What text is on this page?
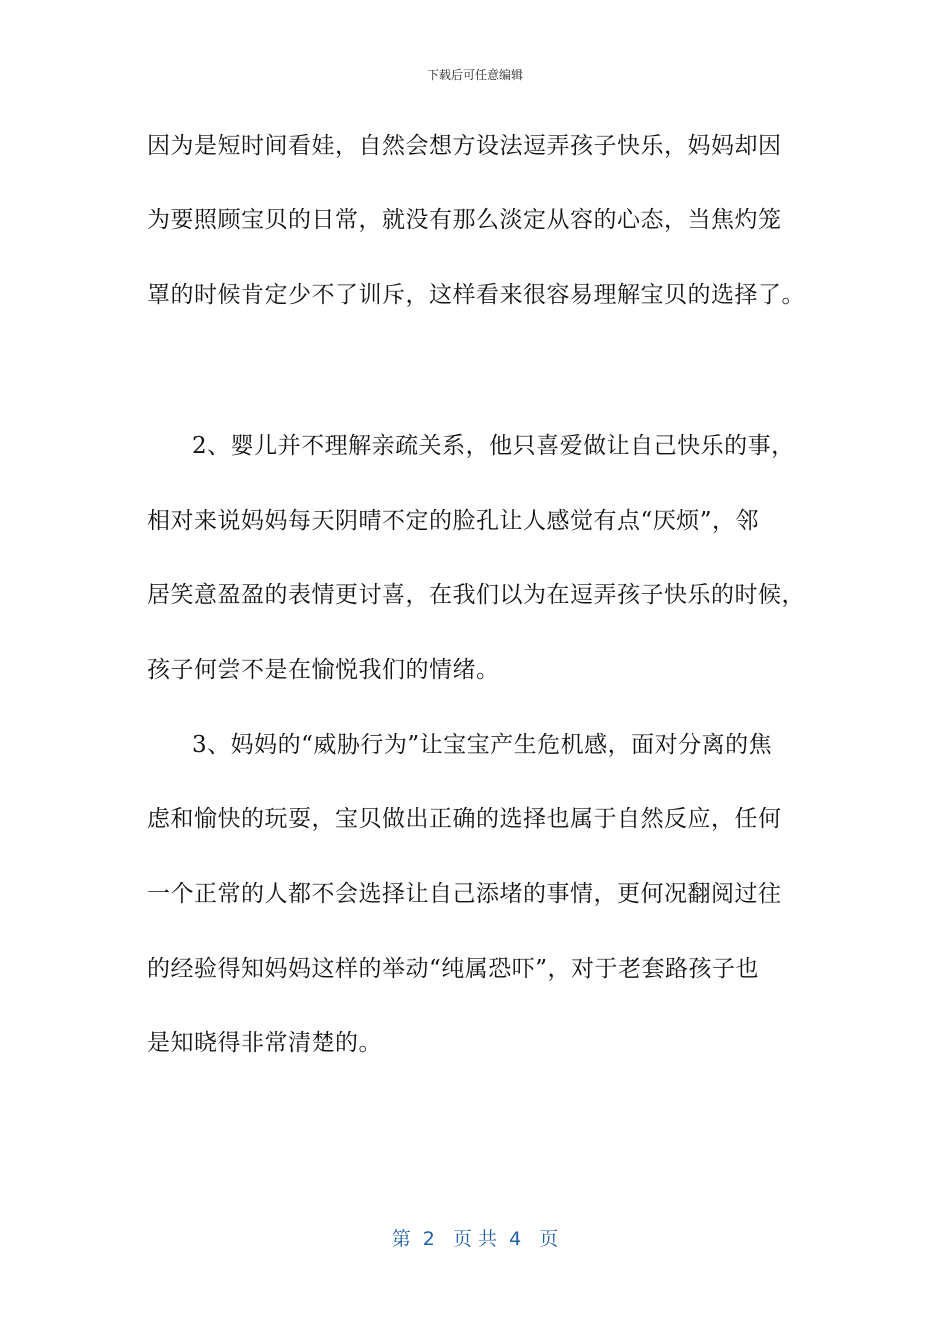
下载后可任意编辑
因为是短时间看娃，自然会想方设法逗弄孩子快乐，妈妈却因
为要照顾宝贝的日常，就没有那么淡定从容的心态，当焦灼笼
罩的时候肯定少不了训斥，这样看来很容易理解宝贝的选择了。
2、婴儿并不理解亲疏关系，他只喜爱做让自己快乐的事，
相对来说妈妈每天阴晴不定的脸孔让人感觉有点“厌烦”，邻
居笑意盈盈的表情更讨喜，在我们以为在逗弄孩子快乐的时候，
孩子何尝不是在愉悦我们的情绪。
3、妈妈的“威胁行为”让宝宝产生危机感，面对分离的焦
虑和愉快的玩耍，宝贝做出正确的选择也属于自然反应，任何
一个正常的人都不会选择让自己添堵的事情，更何况翻阅过往
的经验得知妈妈这样的举动“纯属恐吓”，对于老套路孩子也
是知晓得非常清楚的。
第  2   页 共  4   页
